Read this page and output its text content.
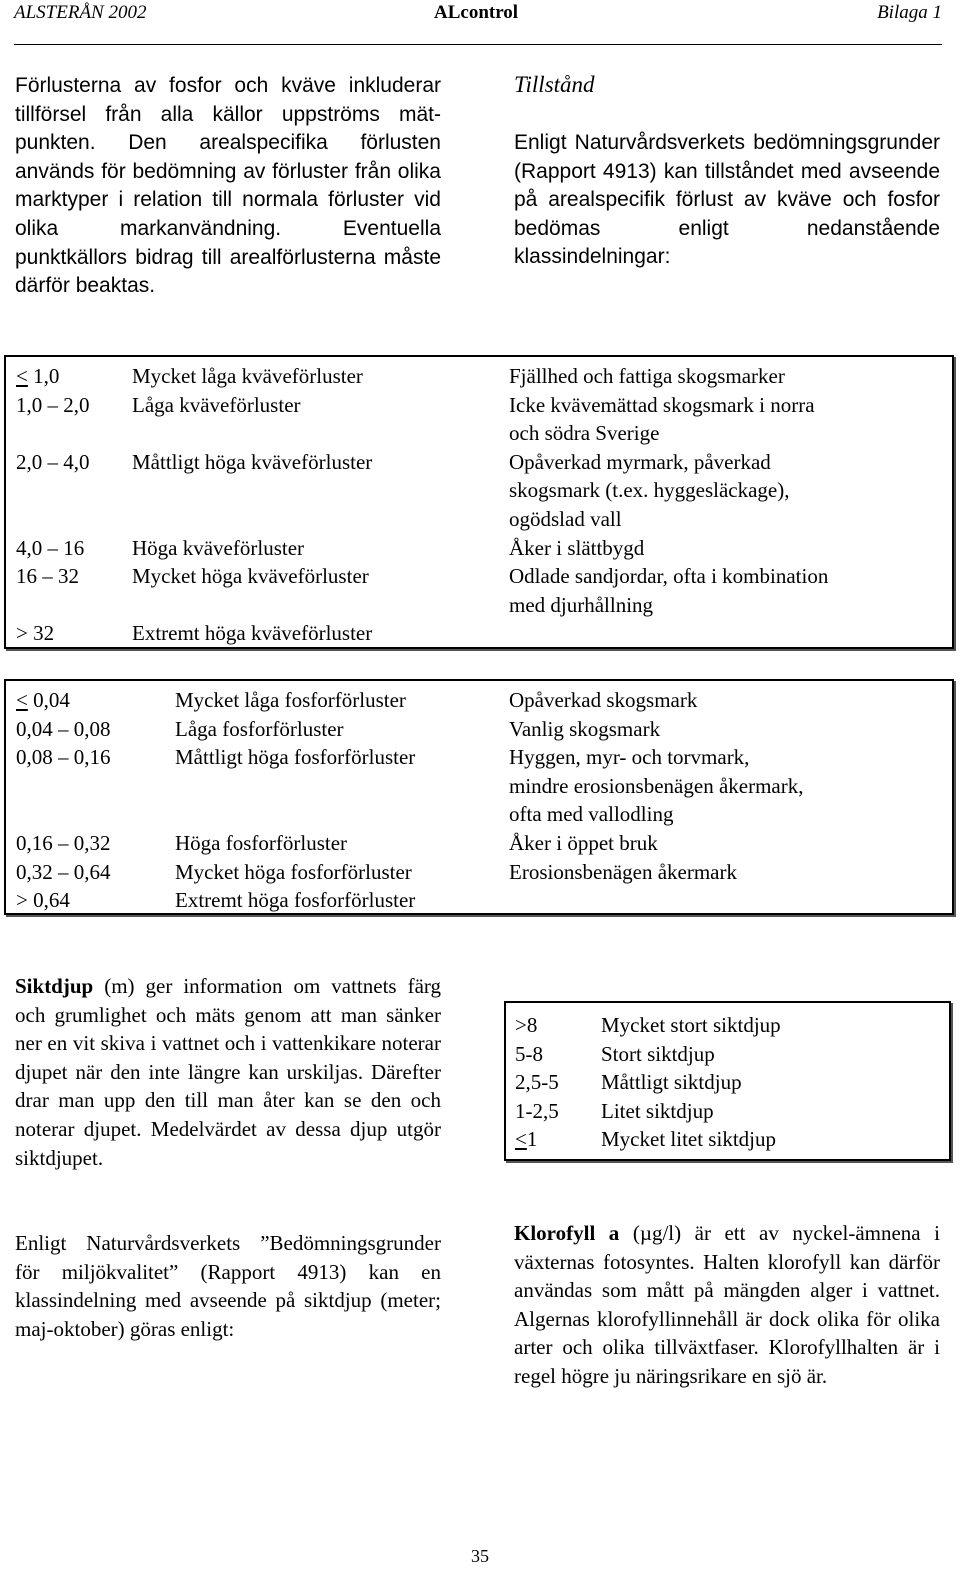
ALSTERÅN 2002	ALcontrol	Bilaga 1
Förlusterna av fosfor och kväve inkluderar tillförsel från alla källor uppströms mät-punkten. Den arealspecifika förlusten används för bedömning av förluster från olika marktyper i relation till normala förluster vid olika markanvändning. Eventuella punktkällors bidrag till arealförlusterna måste därför beaktas.
Tillstånd
Enligt Naturvårdsverkets bedömningsgrunder (Rapport 4913) kan tillståndet med avseende på arealspecifik förlust av kväve och fosfor bedömas enligt nedanstående klassindelningar:
< 1,0	Mycket låga kväveförluster	Fjällhed och fattiga skogsmarker
1,0 – 2,0 Låga kväveförluster	Icke kvävemättad skogsmark i norra
och södra Sverige
2,0 – 4,0 Måttligt höga kväveförluster	Opåverkad myrmark, påverkad
skogsmark (t.ex. hyggesläckage),
ogödslad vall
4,0 – 16 Höga kväveförluster	Åker i slättbygd
16 – 32	Mycket höga kväveförluster	Odlade sandjordar, ofta i kombination
med djurhållning
> 32	Extremt höga kväveförluster
< 0,04	Mycket låga fosforförluster	Opåverkad skogsmark
0,04 – 0,08	Låga fosforförluster	Vanlig skogsmark
0,08 – 0,16	Måttligt höga fosforförluster	Hyggen, myr- och torvmark,
mindre erosionsbenägen åkermark,
ofta med vallodling
0,16 – 0,32	Höga fosforförluster	Åker i öppet bruk
0,32 – 0,64	Mycket höga fosforförluster	Erosionsbenägen åkermark
> 0,64	Extremt höga fosforförluster
Siktdjup (m) ger information om vattnets färg och grumlighet och mäts genom att man sänker ner en vit skiva i vattnet och i vattenkikare noterar djupet när den inte längre kan urskiljas. Därefter drar man upp den till man åter kan se den och noterar djupet. Medelvärdet av dessa djup utgör siktdjupet.
Enligt Naturvårdsverkets ”Bedömningsgrunder för miljökvalitet” (Rapport 4913) kan en klassindelning med avseende på siktdjup (meter; maj-oktober) göras enligt:
>8	Mycket stort siktdjup
5-8	Stort siktdjup
2,5-5 Måttligt siktdjup
1-2,5 Litet siktdjup
<1	Mycket litet siktdjup
Klorofyll a (µg/l) är ett av nyckel-ämnena i växternas fotosyntes. Halten klorofyll kan därför användas som mått på mängden alger i vattnet. Algernas klorofyllinnehåll är dock olika för olika arter och olika tillväxtfaser. Klorofyllhalten är i regel högre ju näringsrikare en sjö är.
35
